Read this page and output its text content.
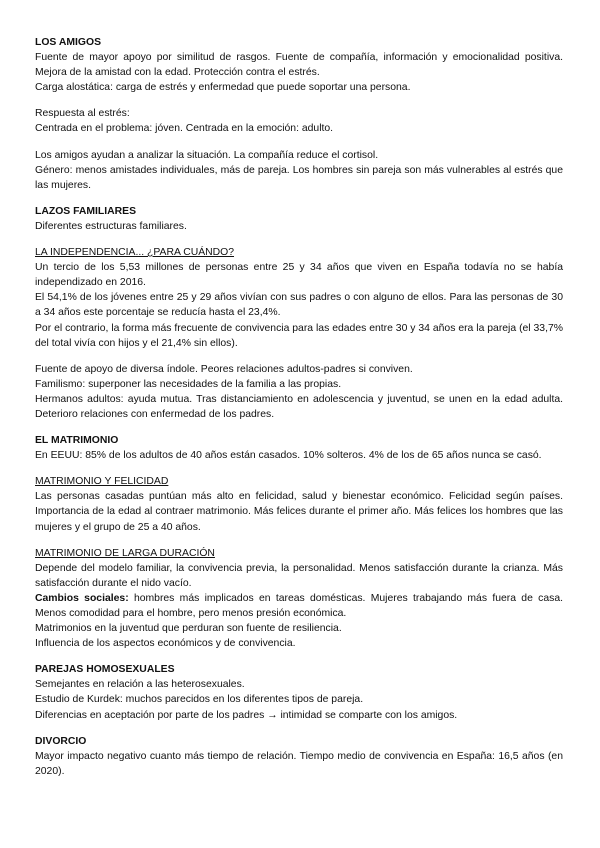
LOS AMIGOS

Fuente de mayor apoyo por similitud de rasgos. Fuente de compañía, información y emocionalidad positiva. Mejora de la amistad con la edad. Protección contra el estrés.

Carga alostática: carga de estrés y enfermedad que puede soportar una persona.

Respuesta al estrés:

Centrada en el problema: jóven. Centrada en la emoción: adulto.

Los amigos ayudan a analizar la situación. La compañía reduce el cortisol.

Género: menos amistades individuales, más de pareja. Los hombres sin pareja son más vulnerables al estrés que las mujeres.

LAZOS FAMILIARES

Diferentes estructuras familiares.

LA INDEPENDENCIA... ¿PARA CUÁNDO?

Un tercio de los 5,53 millones de personas entre 25 y 34 años que viven en España todavía no se había independizado en 2016.

El 54,1% de los jóvenes entre 25 y 29 años vivían con sus padres o con alguno de ellos. Para las personas de 30 a 34 años este porcentaje se reducía hasta el 23,4%.

Por el contrario, la forma más frecuente de convivencia para las edades entre 30 y 34 años era la pareja (el 33,7% del total vivía con hijos y el 21,4% sin ellos).

Fuente de apoyo de diversa índole. Peores relaciones adultos-padres si conviven.

Familismo: superponer las necesidades de la familia a las propias.

Hermanos adultos: ayuda mutua. Tras distanciamiento en adolescencia y juventud, se unen en la edad adulta. Deterioro relaciones con enfermedad de los padres.

EL MATRIMONIO

En EEUU: 85% de los adultos de 40 años están casados. 10% solteros. 4% de los de 65 años nunca se casó.

MATRIMONIO Y FELICIDAD

Las personas casadas puntúan más alto en felicidad, salud y bienestar económico. Felicidad según países. Importancia de la edad al contraer matrimonio. Más felices durante el primer año. Más felices los hombres que las mujeres y el grupo de 25 a 40 años.

MATRIMONIO DE LARGA DURACIÓN

Depende del modelo familiar, la convivencia previa, la personalidad. Menos satisfacción durante la crianza. Más satisfacción durante el nido vacío.

Cambios sociales: hombres más implicados en tareas domésticas. Mujeres trabajando más fuera de casa. Menos comodidad para el hombre, pero menos presión económica.

Matrimonios en la juventud que perduran son fuente de resiliencia.

Influencia de los aspectos económicos y de convivencia.

PAREJAS HOMOSEXUALES

Semejantes en relación a las heterosexuales.

Estudio de Kurdek: muchos parecidos en los diferentes tipos de pareja.

Diferencias en aceptación por parte de los padres → intimidad se comparte con los amigos.

DIVORCIO

Mayor impacto negativo cuanto más tiempo de relación. Tiempo medio de convivencia en España: 16,5 años (en 2020).
